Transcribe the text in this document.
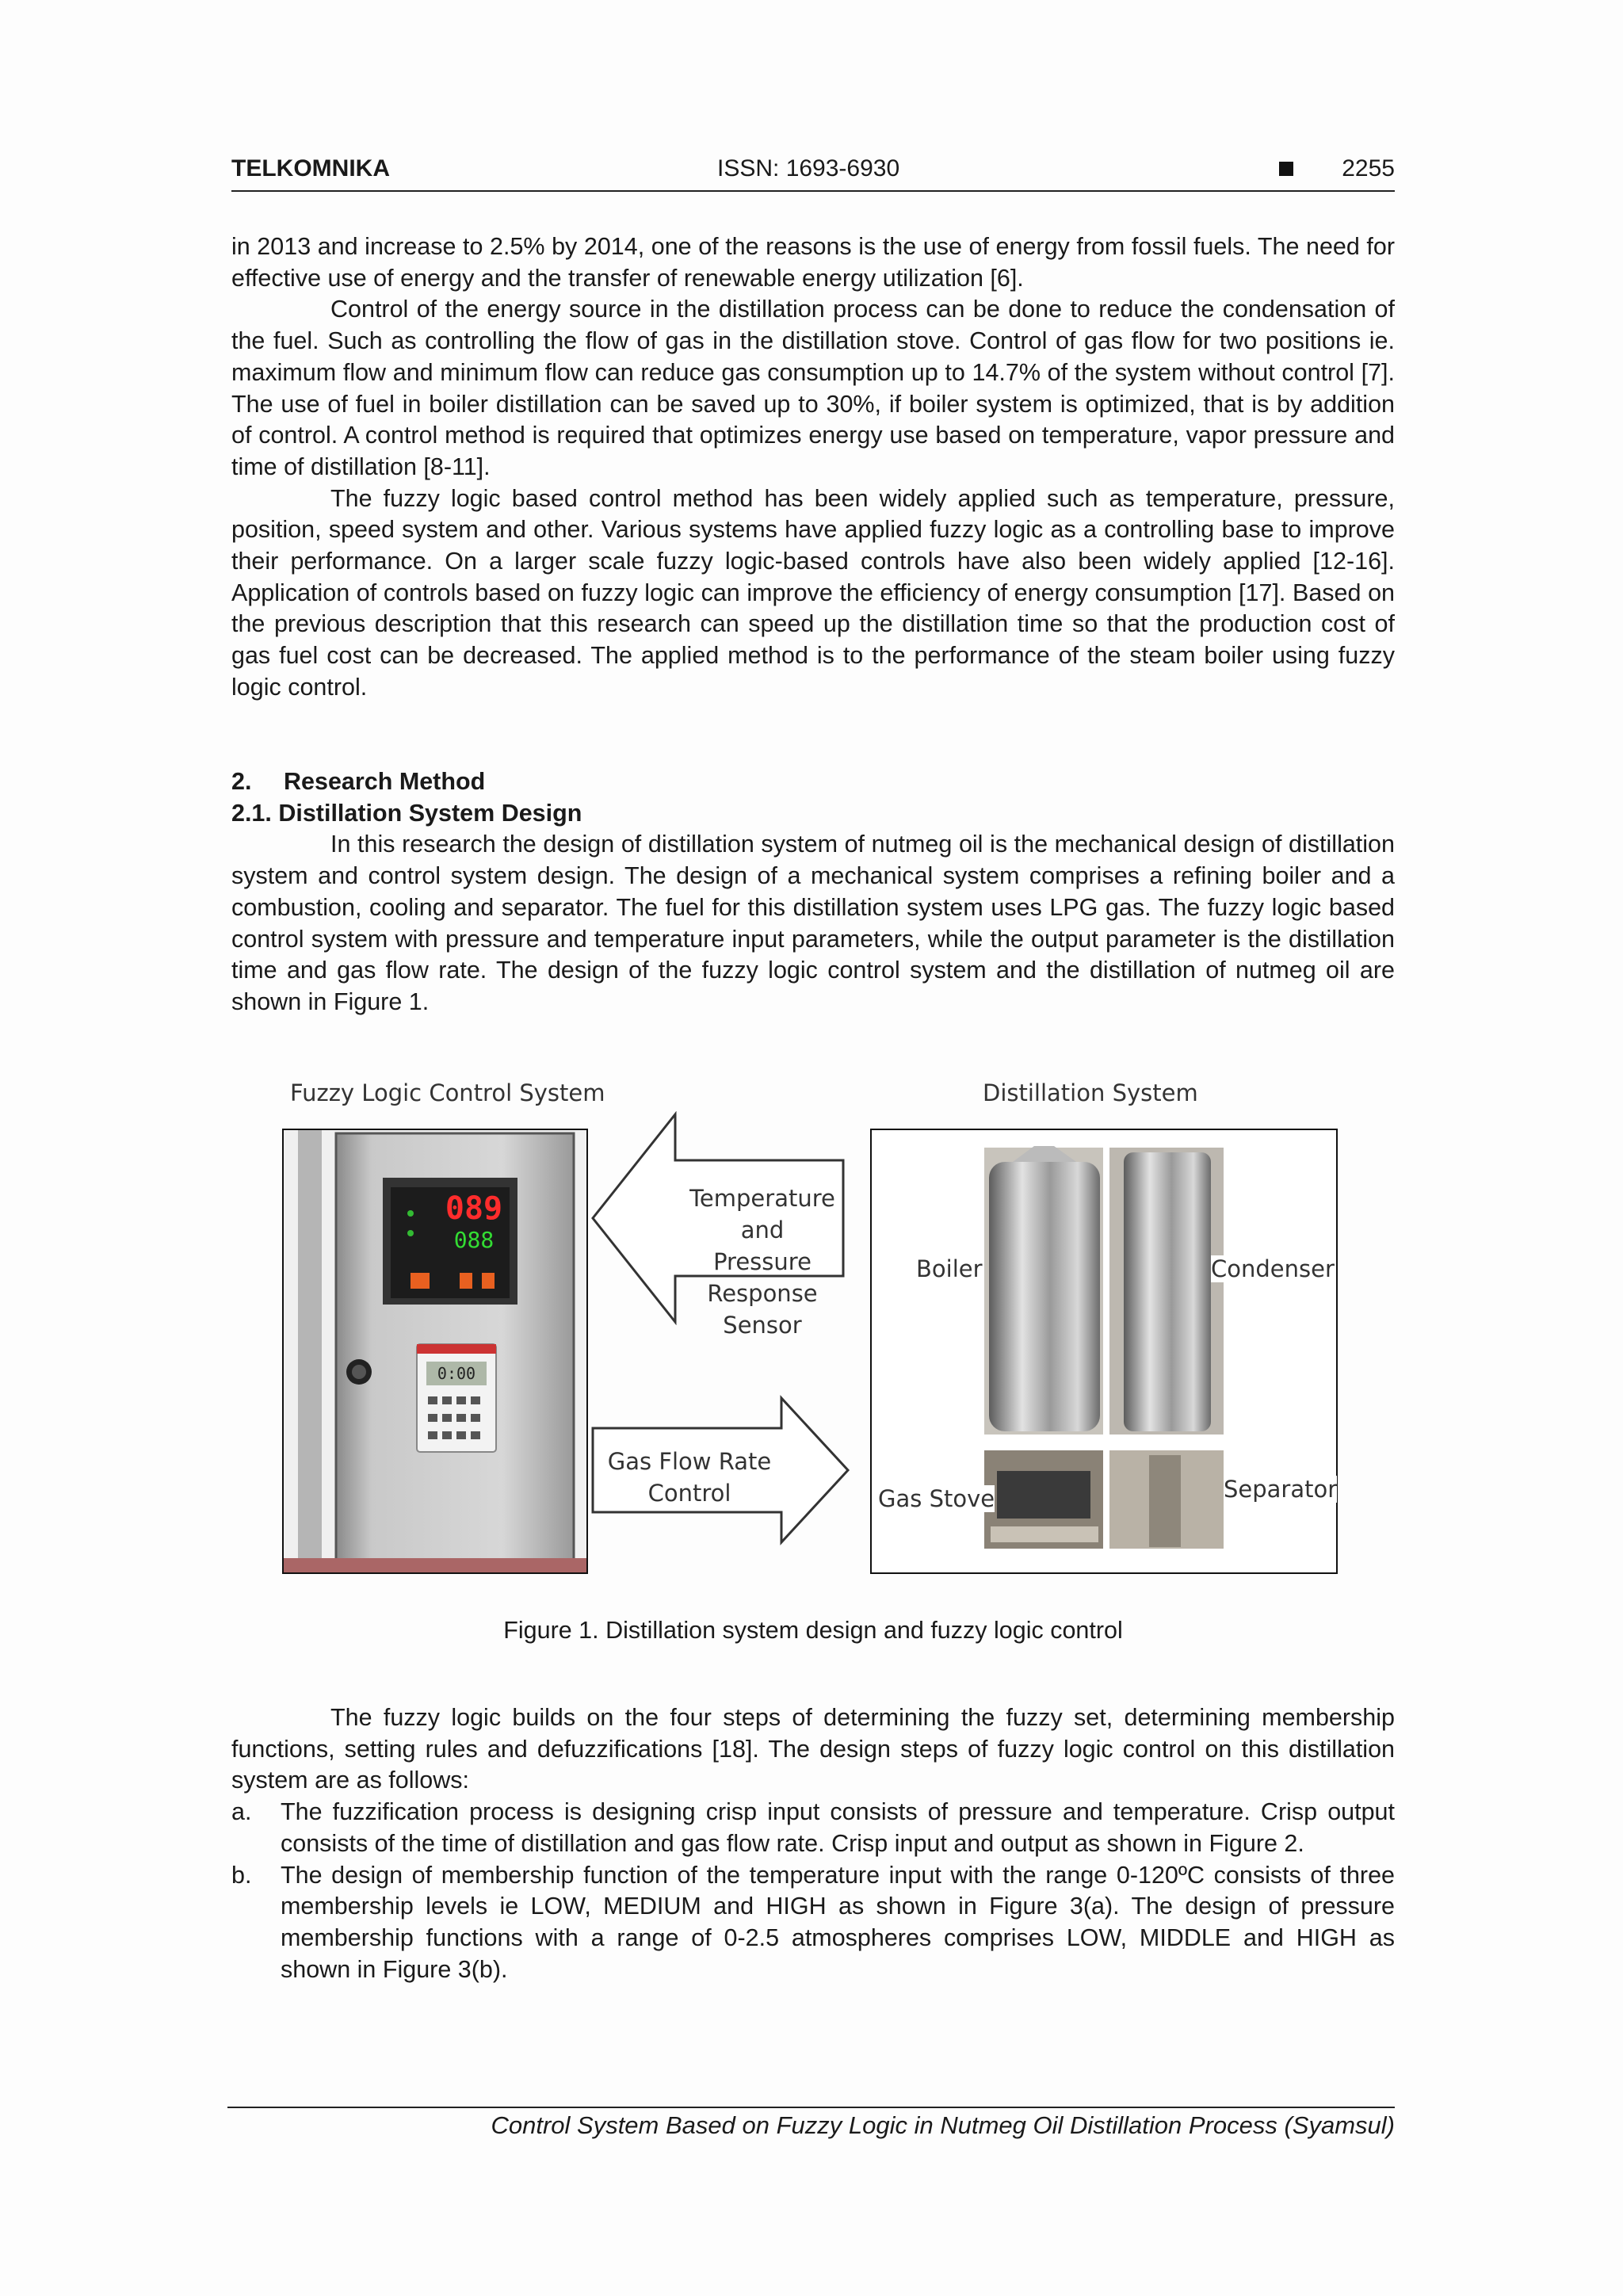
TELKOMNIKA	ISSN: 1693-6930	2255

in 2013 and increase to 2.5% by 2014, one of the reasons is the use of energy from fossil fuels. The need for effective use of energy and the transfer of renewable energy utilization [6].

Control of the energy source in the distillation process can be done to reduce the condensation of the fuel. Such as controlling the flow of gas in the distillation stove. Control of gas flow for two positions ie. maximum flow and minimum flow can reduce gas consumption up to 14.7% of the system without control [7]. The use of fuel in boiler distillation can be saved up to 30%, if boiler system is optimized, that is by addition of control. A control method is required that optimizes energy use based on temperature, vapor pressure and time of distillation [8-11].

The fuzzy logic based control method has been widely applied such as temperature, pressure, position, speed system and other. Various systems have applied fuzzy logic as a controlling base to improve their performance. On a larger scale fuzzy logic-based controls have also been widely applied [12-16]. Application of controls based on fuzzy logic can improve the efficiency of energy consumption [17]. Based on the previous description that this research can speed up the distillation time so that the production cost of gas fuel cost can be decreased. The applied method is to the performance of the steam boiler using fuzzy logic control.

2. Research Method
2.1. Distillation System Design

In this research the design of distillation system of nutmeg oil is the mechanical design of distillation system and control system design. The design of a mechanical system comprises a refining boiler and a combustion, cooling and separator. The fuel for this distillation system uses LPG gas. The fuzzy logic based control system with pressure and temperature input parameters, while the output parameter is the distillation time and gas flow rate. The design of the fuzzy logic control system and the distillation of nutmeg oil are shown in Figure 1.

Fuzzy Logic Control System	Distillation System
089
088
0:00
Temperature and
Pressure
Response Sensor
Gas Flow Rate
Control
Boiler	Condenser
Gas Stove	Separator
Figure 1. Distillation system design and fuzzy logic control

The fuzzy logic builds on the four steps of determining the fuzzy set, determining membership functions, setting rules and defuzzifications [18]. The design steps of fuzzy logic control on this distillation system are as follows:

a. The fuzzification process is designing crisp input consists of pressure and temperature. Crisp output consists of the time of distillation and gas flow rate. Crisp input and output as shown in Figure 2.
b. The design of membership function of the temperature input with the range 0-120ºC consists of three membership levels ie LOW, MEDIUM and HIGH as shown in Figure 3(a). The design of pressure membership functions with a range of 0-2.5 atmospheres comprises LOW, MIDDLE and HIGH as shown in Figure 3(b).
Control System Based on Fuzzy Logic in Nutmeg Oil Distillation Process (Syamsul)
